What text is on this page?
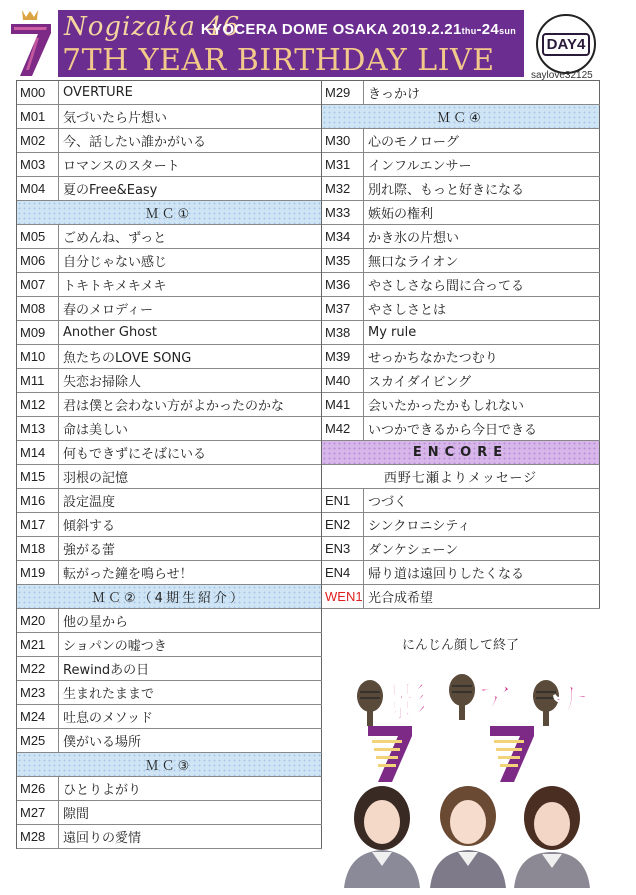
Nogizaka 46
KYOCERA DOME OSAKA 2019.2.21thu-24sun
7TH YEAR BIRTHDAY LIVE	DAY4
saylove32125
M00	OVERTURE
M01	気づいたら片想い
M02	今、話したい誰かがいる
M03	ロマンスのスタート
M04	夏のFree&Easy
ＭＣ①
M05	ごめんね、ずっと
M06	自分じゃない感じ
M07	トキトキメキメキ
M08	春のメロディー
M09	Another Ghost
M10	魚たちのLOVE SONG
M11	失恋お掃除人
M12	君は僕と会わない方がよかったのかな
M13	命は美しい
M14	何もできずにそばにいる
M15	羽根の記憶
M16	設定温度
M17	傾斜する
M18	強がる蕾
M19	転がった鐘を鳴らせ！
ＭＣ②（4期生紹介）
M20	他の星から
M21	ショパンの嘘つき
M22	Rewindあの日
M23	生まれたままで
M24	吐息のメソッド
M25	僕がいる場所
ＭＣ③
M26	ひとりよがり
M27	隙間
M28	遠回りの愛情
M29	きっかけ
ＭＣ④
M30	心のモノローグ
M31	インフルエンサー
M32	別れ際、もっと好きになる
M33	嫉妬の権利
M34	かき氷の片想い
M35	無口なライオン
M36	やさしさなら間に合ってる
M37	やさしさとは
M38	My rule
M39	せっかちなかたつむり
M40	スカイダイビング
M41	会いたかったかもしれない
M42	いつかできるから今日できる
ENCORE
西野七瀬よりメッセージ
EN1	つづく
EN2	シンクロニシティ
EN3	ダンケシェーン
EN4	帰り道は遠回りしたくなる
WEN1 光合成希望
にんじん顔して終了
影 ア ナ
